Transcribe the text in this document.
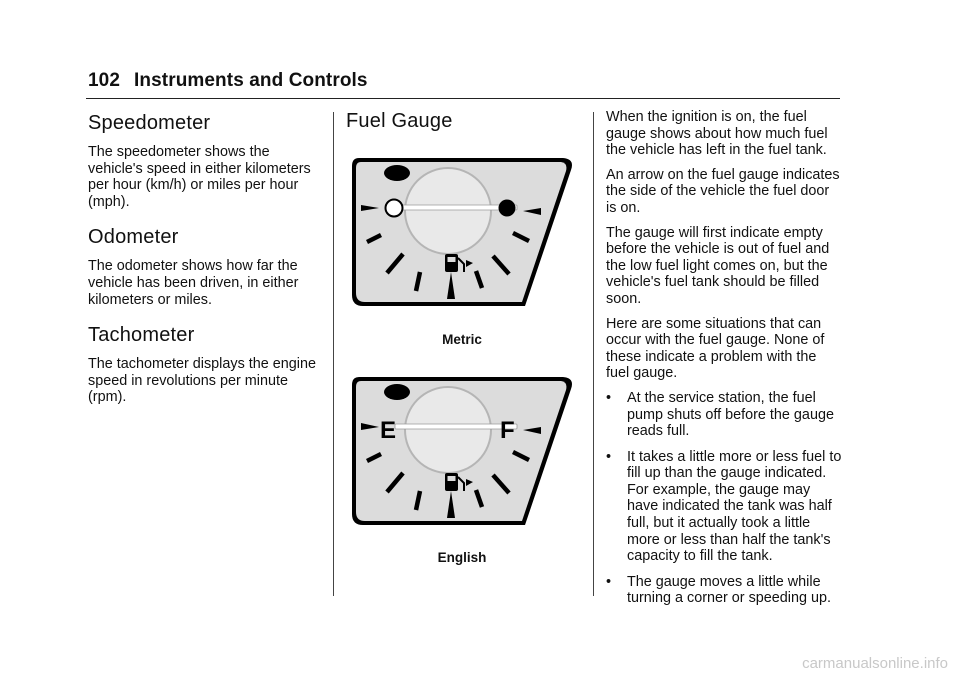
102 Instruments and Controls
Speedometer

The speedometer shows the vehicle's speed in either kilometers per hour (km/h) or miles per hour (mph).

Odometer

The odometer shows how far the vehicle has been driven, in either kilometers or miles.

Tachometer

The tachometer displays the engine speed in revolutions per minute (rpm).

Fuel Gauge
Metric
E	F
English

When the ignition is on, the fuel gauge shows about how much fuel the vehicle has left in the fuel tank.

An arrow on the fuel gauge indicates the side of the vehicle the fuel door is on.

The gauge will first indicate empty before the vehicle is out of fuel and the low fuel light comes on, but the vehicle's fuel tank should be filled soon.

Here are some situations that can occur with the fuel gauge. None of these indicate a problem with the fuel gauge.

• At the service station, the fuel pump shuts off before the gauge reads full.
• It takes a little more or less fuel to fill up than the gauge indicated. For example, the gauge may have indicated the tank was half full, but it actually took a little more or less than half the tank's capacity to fill the tank.
• The gauge moves a little while turning a corner or speeding up.
carmanualsonline.info
